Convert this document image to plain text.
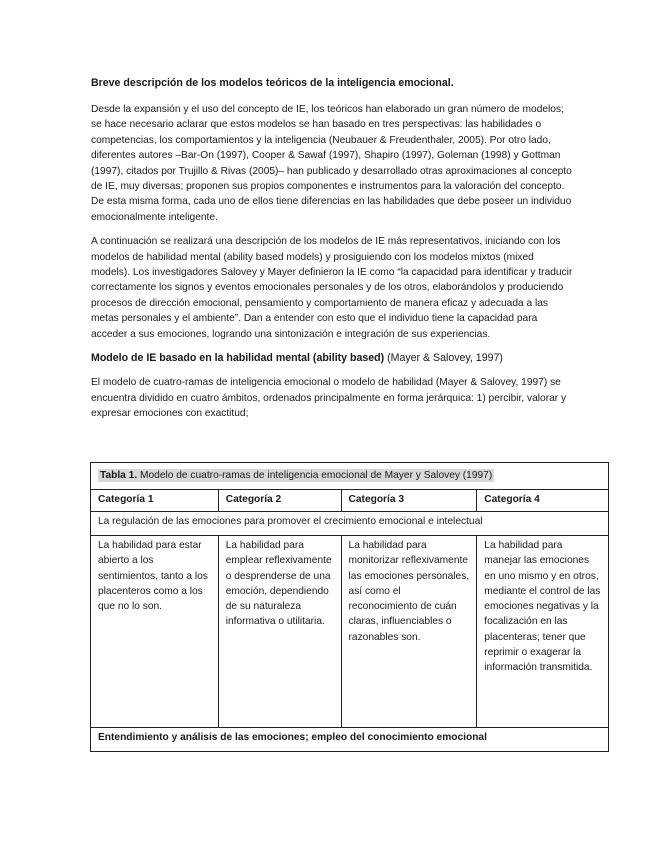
Breve descripción de los modelos teóricos de la inteligencia emocional.

Desde la expansión y el uso del concepto de IE, los teóricos han elaborado un gran número de modelos; se hace necesario aclarar que estos modelos se han basado en tres perspectivas: las habilidades o competencias, los comportamientos y la inteligencia (Neubauer & Freudenthaler, 2005). Por otro lado, diferentes autores –Bar-On (1997), Cooper & Sawaf (1997), Shapiro (1997), Goleman (1998) y Gottman (1997), citados por Trujillo & Rivas (2005)– han publicado y desarrollado otras aproximaciones al concepto de IE, muy diversas; proponen sus propios componentes e instrumentos para la valoración del concepto. De esta misma forma, cada uno de ellos tiene diferencias en las habilidades que debe poseer un individuo emocionalmente inteligente.

A continuación se realizará una descripción de los modelos de IE más representativos, iniciando con los modelos de habilidad mental (ability based models) y prosiguiendo con los modelos mixtos (mixed models). Los investigadores Salovey y Mayer definieron la IE como “la capacidad para identificar y traducir correctamente los signos y eventos emocionales personales y de los otros, elaborándolos y produciendo procesos de dirección emocional, pensamiento y comportamiento de manera eficaz y adecuada a las metas personales y el ambiente”. Dan a entender con esto que el individuo tiene la capacidad para acceder a sus emociones, logrando una sintonización e integración de sus experiencias.

Modelo de IE basado en la habilidad mental (ability based) (Mayer & Salovey, 1997)

El modelo de cuatro-ramas de inteligencia emocional o modelo de habilidad (Mayer & Salovey, 1997) se encuentra dividido en cuatro ámbitos, ordenados principalmente en forma jerárquica: 1) percibir, valorar y expresar emociones con exactitud;

Tabla 1. Modelo de cuatro-ramas de inteligencia emocional de Mayer y Salovey (1997)			
Categoría 1	Categoría 2	Categoría 3	Categoría 4
La regulación de las emociones para promover el crecimiento emocional e intelectual			
La habilidad para estar abierto a los sentimientos, tanto a los placenteros como a los que no lo son.	La habilidad para emplear reflexivamente o desprenderse de una emoción, dependiendo de su naturaleza informativa o utilitaria.	La habilidad para monitorizar reflexivamente las emociones personales, así como el reconocimiento de cuán claras, influenciables o razonables son.	La habilidad para manejar las emociones en uno mismo y en otros, mediante el control de las emociones negativas y la focalización en las placenteras; tener que reprimir o exagerar la información transmitida.
Entendimiento y análisis de las emociones; empleo del conocimiento emocional			
